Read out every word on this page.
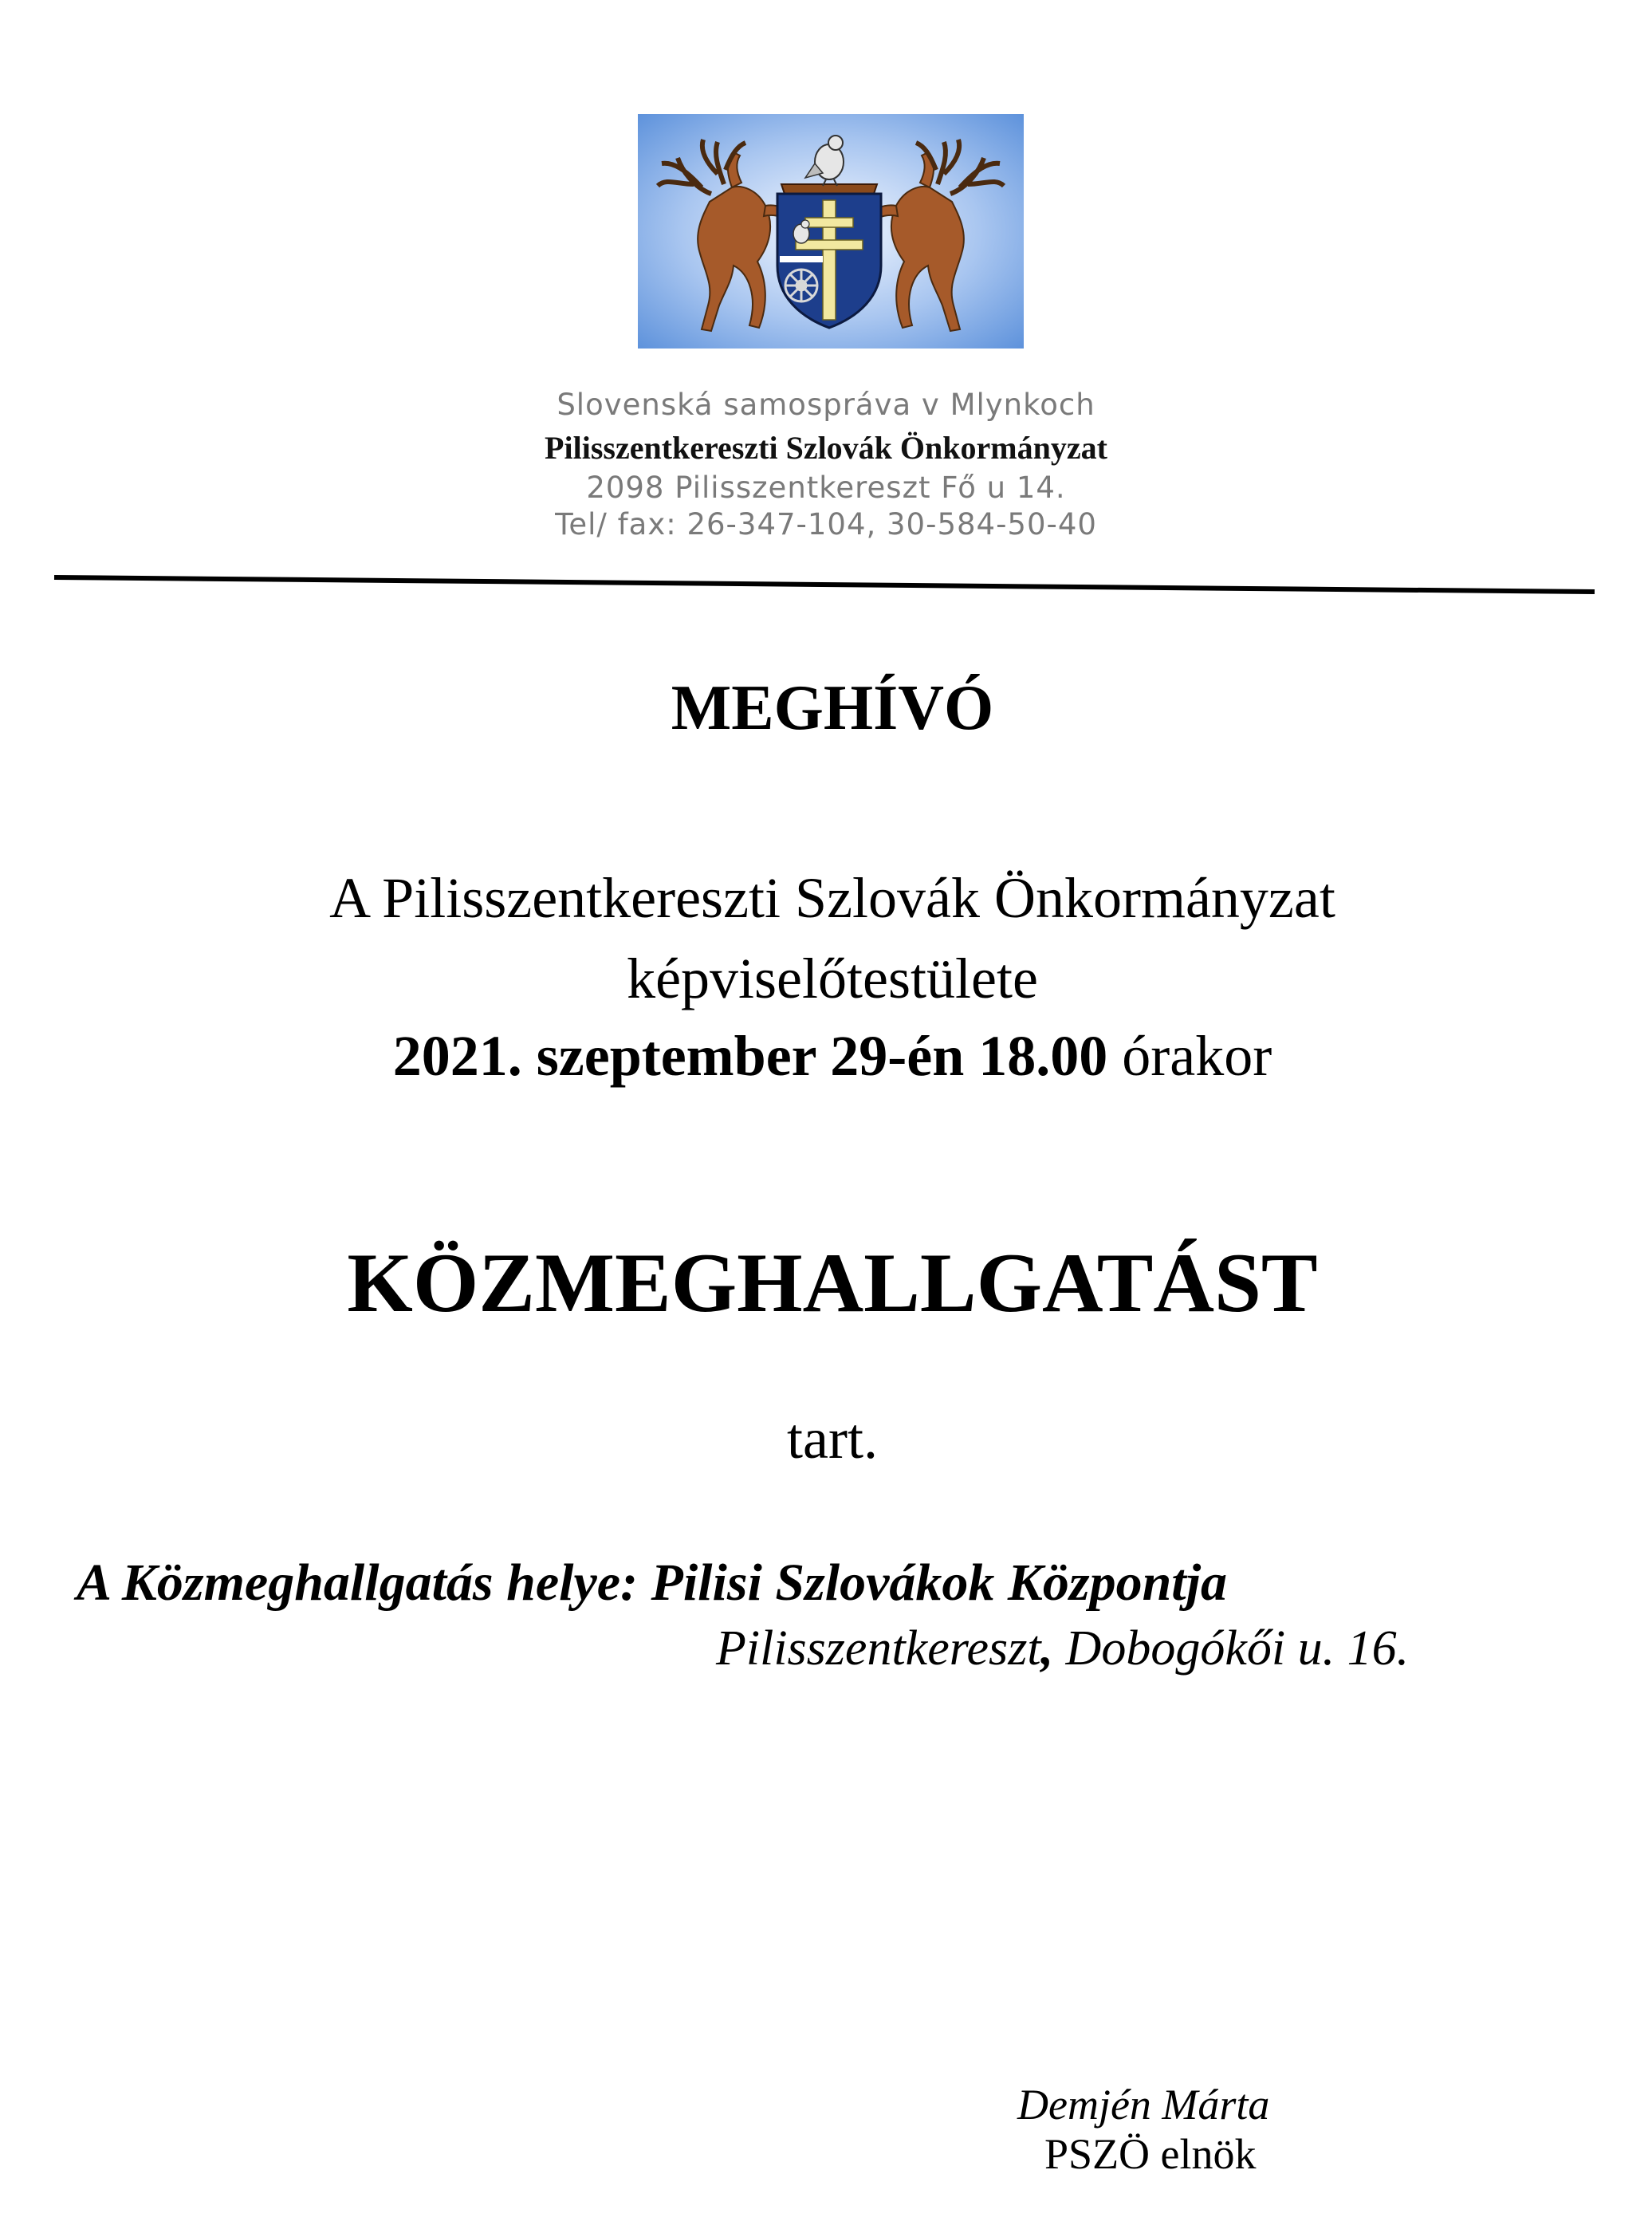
Slovenská samospráva v Mlynkoch
Pilisszentkereszti Szlovák Önkormányzat
2098 Pilisszentkereszt Fő u 14.
Tel/ fax: 26-347-104, 30-584-50-40
MEGHÍVÓ
A Pilisszentkereszti Szlovák Önkormányzat
képviselőtestülete
2021. szeptember 29-én 18.00 órakor
KÖZMEGHALLGATÁST
tart.
A Közmeghallgatás helye: Pilisi Szlovákok Központja
Pilisszentkereszt, Dobogókői u. 16.
Demjén Márta
PSZÖ elnök
